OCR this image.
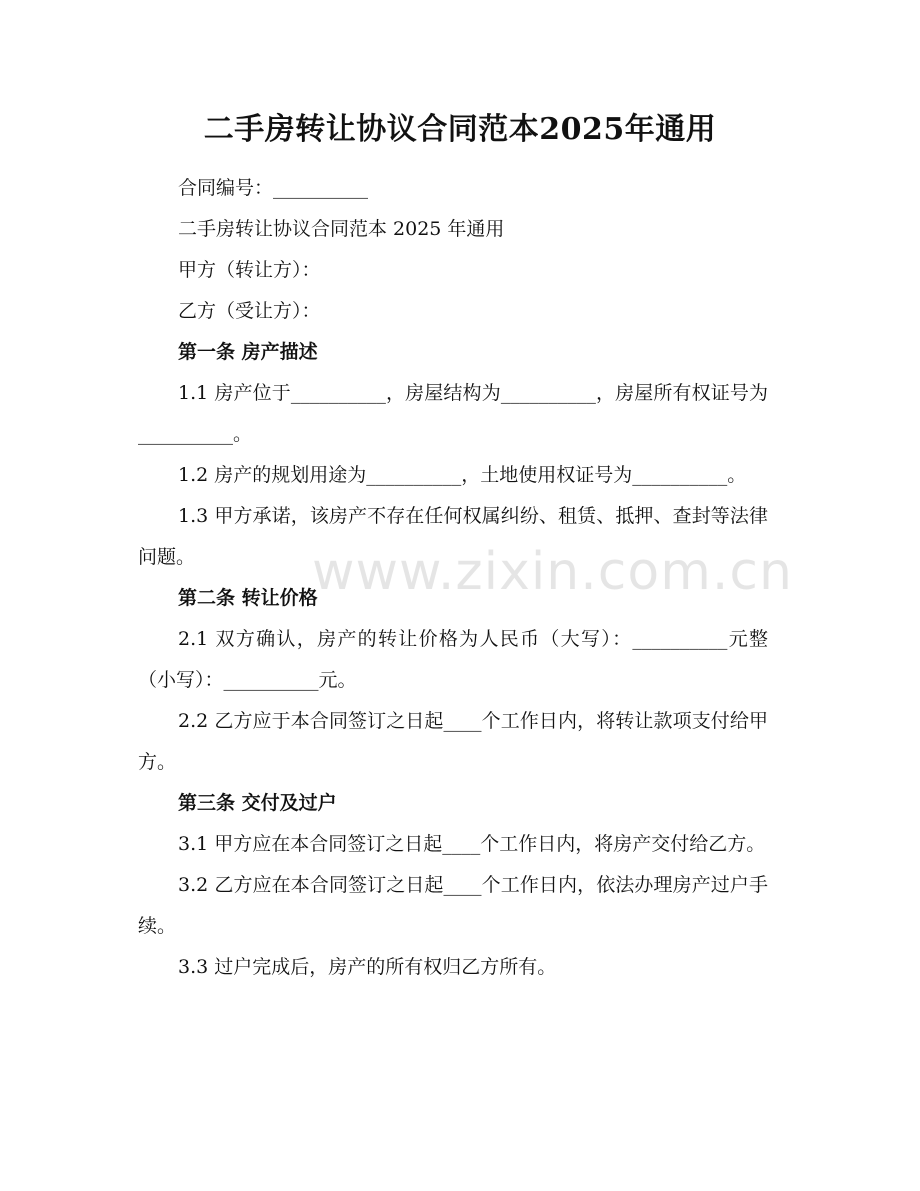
二手房转让协议合同范本2025年通用

合同编号：__________

二手房转让协议合同范本 2025 年通用

甲方（转让方）：

乙方（受让方）：

第一条 房产描述

1.1 房产位于__________，房屋结构为__________，房屋所有权证号为__________。

1.2 房产的规划用途为__________，土地使用权证号为__________。

1.3 甲方承诺，该房产不存在任何权属纠纷、租赁、抵押、查封等法律问题。

第二条 转让价格

2.1 双方确认，房产的转让价格为人民币（大写）：__________元整（小写）：__________元。

2.2 乙方应于本合同签订之日起____个工作日内，将转让款项支付给甲方。

第三条 交付及过户

3.1 甲方应在本合同签订之日起____个工作日内，将房产交付给乙方。

3.2 乙方应在本合同签订之日起____个工作日内，依法办理房产过户手续。

3.3 过户完成后，房产的所有权归乙方所有。

www.zixin.com.cn
